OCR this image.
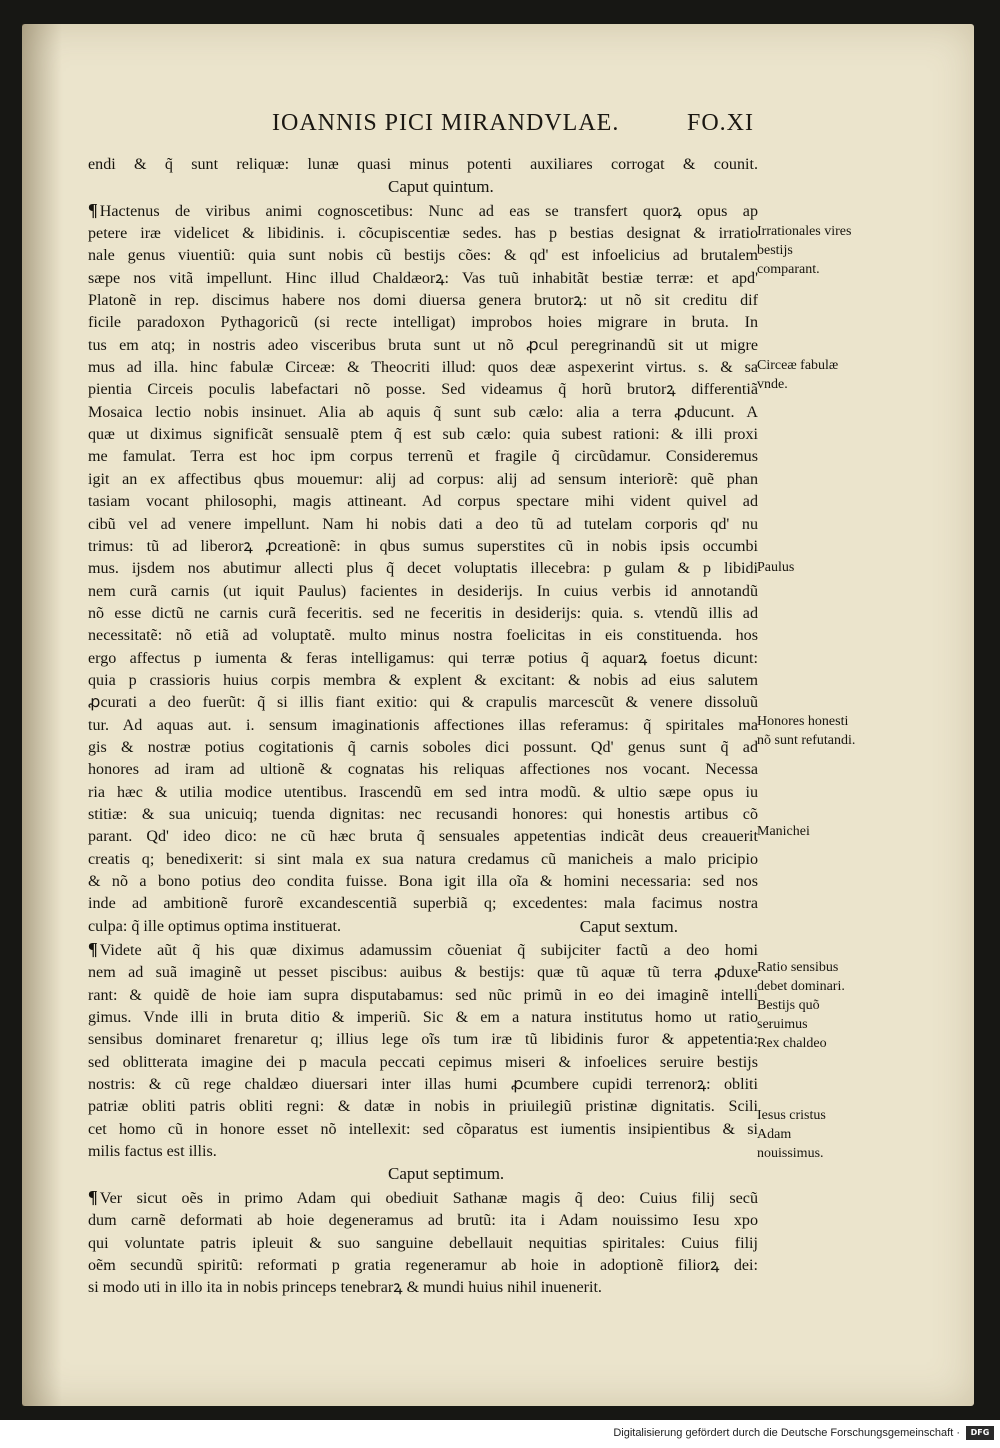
IOANNIS PICI MIRANDVLAE.	FO.XI
endi & q̃ sunt reliquæ: lunæ quasi minus potenti auxiliares corrogat & counit.
Caput quintum.
¶ Hactenus de viribus animi cognoscetibus: Nunc ad eas se transfert quorꝝ opus ap
petere iræ videlicet & libidinis. i. cõcupiscentiæ sedes. has p bestias designat & irratio
nale genus viuentiũ: quia sunt nobis cũ bestijs cões: & qd' est infoelicius ad brutalem
sæpe nos vitã impellunt. Hinc illud Chaldæorꝝ: Vas tuũ inhabitãt bestiæ terræ: et apd'
Platonẽ in rep. discimus habere nos domi diuersa genera brutorꝝ: ut nõ sit creditu dif
ficile paradoxon Pythagoricũ (si recte intelligat) improbos hoies migrare in bruta. In
tus em atq; in nostris adeo visceribus bruta sunt ut nõ ꝓcul peregrinandũ sit ut migre
mus ad illa. hinc fabulæ Circeæ: & Theocriti illud: quos deæ aspexerint virtus. s. & sa
pientia Circeis poculis labefactari nõ posse. Sed videamus q̃ horũ brutorꝝ differentiã
Mosaica lectio nobis insinuet. Alia ab aquis q̃ sunt sub cælo: alia a terra ꝓducunt. A
quæ ut diximus significãt sensualẽ ptem q̃ est sub cælo: quia subest rationi: & illi proxi
me famulat. Terra est hoc ipm corpus terrenũ et fragile q̃ circũdamur. Consideremus
igit an ex affectibus qbus mouemur: alij ad corpus: alij ad sensum interiorẽ: quẽ phan
tasiam vocant philosophi, magis attineant. Ad corpus spectare mihi vident quivel ad
cibũ vel ad venere impellunt. Nam hi nobis dati a deo tũ ad tutelam corporis qd' nu
trimus: tũ ad liberorꝝ ꝓcreationẽ: in qbus sumus superstites cũ in nobis ipsis occumbi
mus. ijsdem nos abutimur allecti plus q̃ decet voluptatis illecebra: p gulam & p libidi
nem curã carnis (ut iquit Paulus) facientes in desiderijs. In cuius verbis id annotandũ
nõ esse dictũ ne carnis curã feceritis. sed ne feceritis in desiderijs: quia. s. vtendũ illis ad
necessitatẽ: nõ etiã ad voluptatẽ. multo minus nostra foelicitas in eis constituenda. hos
ergo affectus p iumenta & feras intelligamus: qui terræ potius q̃ aquarꝝ foetus dicunt:
quia p crassioris huius corpis membra & explent & excitant: & nobis ad eius salutem
ꝓcurati a deo fuerũt: q̃ si illis fiant exitio: qui & crapulis marcescũt & venere dissoluũ
tur. Ad aquas aut. i. sensum imaginationis affectiones illas referamus: q̃ spiritales ma
gis & nostræ potius cogitationis q̃ carnis soboles dici possunt. Qd' genus sunt q̃ ad
honores ad iram ad ultionẽ & cognatas his reliquas affectiones nos vocant. Necessa
ria hæc & utilia modice utentibus. Irascendũ em sed intra modũ. & ultio sæpe opus iu
stitiæ: & sua unicuiq; tuenda dignitas: nec recusandi honores: qui honestis artibus cõ
parant. Qd' ideo dico: ne cũ hæc bruta q̃ sensuales appetentias indicãt deus creauerit
creatis q; benedixerit: si sint mala ex sua natura credamus cũ manicheis a malo pricipio
& nõ a bono potius deo condita fuisse. Bona igit illa oĩa & homini necessaria: sed nos
inde ad ambitionẽ furorẽ excandescentiã superbiã q; excedentes: mala facimus nostra
culpa: q̃ ille optimus optima instituerat.	Caput sextum.
¶ Videte aũt q̃ his quæ diximus adamussim cõueniat q̃ subijciter factũ a deo homi
nem ad suã imaginẽ ut pesset piscibus: auibus & bestijs: quæ tũ aquæ tũ terra ꝓduxe
rant: & quidẽ de hoie iam supra disputabamus: sed nũc primũ in eo dei imaginẽ intelli
gimus. Vnde illi in bruta ditio & imperiũ. Sic & em a natura institutus homo ut ratio
sensibus dominaret frenaretur q; illius lege oĩs tum iræ tũ libidinis furor & appetentia:
sed oblitterata imagine dei p macula peccati cepimus miseri & infoelices seruire bestijs
nostris: & cũ rege chaldæo diuersari inter illas humi ꝓcumbere cupidi terrenorꝝ: obliti
patriæ obliti patris obliti regni: & datæ in nobis in priuilegiũ pristinæ dignitatis. Scili
cet homo cũ in honore esset nõ intellexit: sed cõparatus est iumentis insipientibus & si
milis factus est illis.
Caput septimum.
¶ Ver sicut oẽs in primo Adam qui obediuit Sathanæ magis q̃ deo: Cuius filij secũ
dum carnẽ deformati ab hoie degeneramus ad brutũ: ita i Adam nouissimo Iesu xpo
qui voluntate patris ipleuit & suo sanguine debellauit nequitias spiritales: Cuius filij
oẽm secundũ spiritũ: reformati p gratia regeneramur ab hoie in adoptionẽ filiorꝝ dei:
si modo uti in illo ita in nobis princeps tenebrarꝝ & mundi huius nihil inuenerit.
Irrationales vires bestijs comparant.
Circeæ fabulæ vnde.
Paulus
Honores honesti nõ sunt refutandi.
Manichei
Ratio sensibus debet dominari.
Bestijs quõ seruimus
Rex chaldeo
Iesus cristus Adam nouissimus.
Digitalisierung gefördert durch die Deutsche Forschungsgemeinschaft ·	DFG
